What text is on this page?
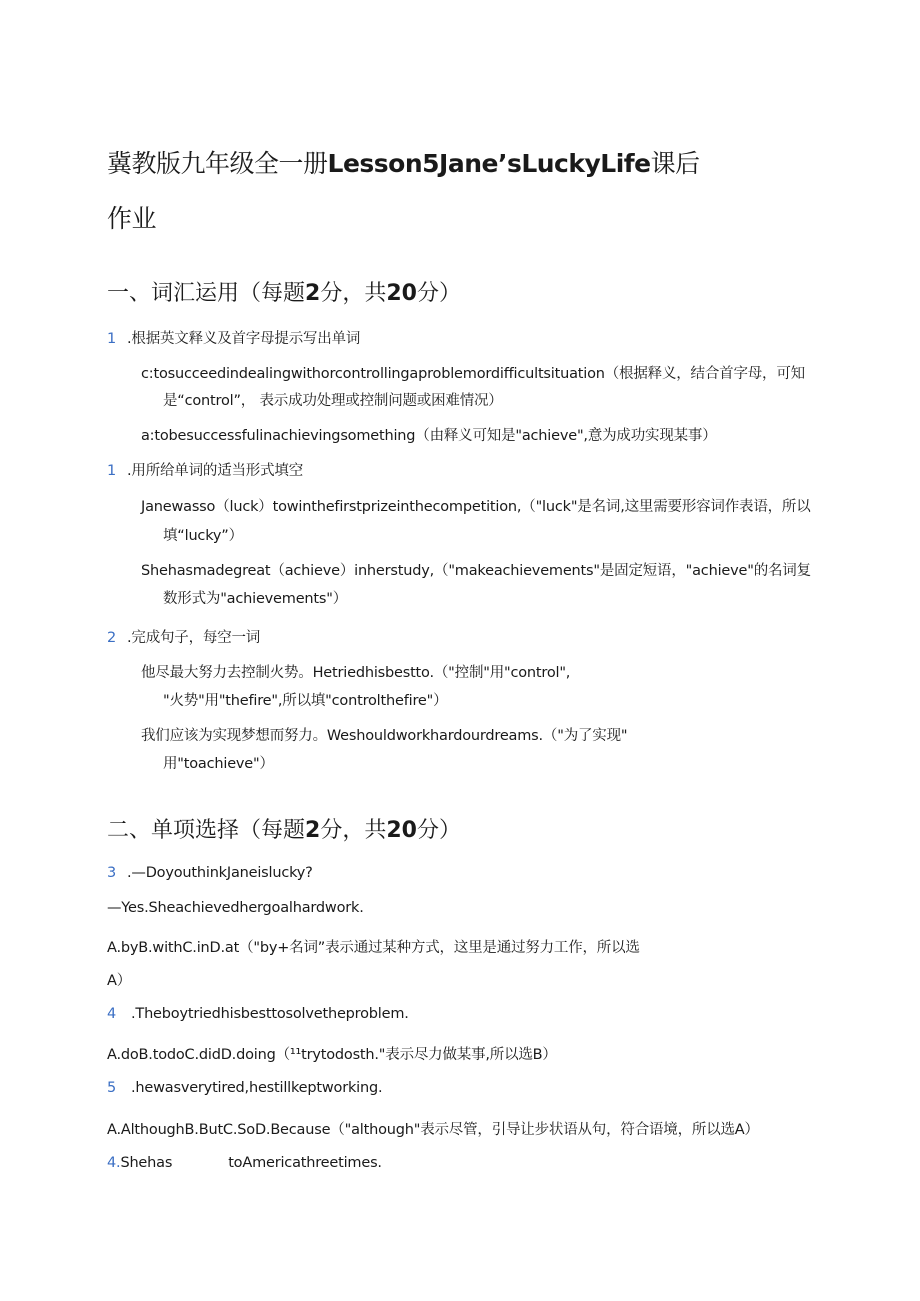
冀教版九年级全一册Lesson5Jane’sLuckyLife课后
作业
一、词汇运用（每题2分，共20分）
1 .根据英文释义及首字母提示写出单词
c:tosucceedindealingwithorcontrollingaproblemordifficultsituation（根据释义，结合首字母，可知
是“control”， 表示成功处理或控制问题或困难情况）
a:tobesuccessfulinachievingsomething（由释义可知是"achieve",意为成功实现某事）
1 .用所给单词的适当形式填空
Janewasso（luck）towinthefirstprizeinthecompetition,（"luck"是名词,这里需要形容词作表语，所以
填“lucky”）
Shehasmadegreat（achieve）inherstudy,（"makeachievements"是固定短语，"achieve"的名词复
数形式为"achievements"）
2 .完成句子，每空一词
他尽最大努力去控制火势。Hetriedhisbestto.（"控制"用"control",
"火势"用"thefire",所以填"controlthefire"）
我们应该为实现梦想而努力。Weshouldworkhardourdreams.（"为了实现"
用"toachieve"）
二、单项选择（每题2分，共20分）
3 .—DoyouthinkJaneislucky?
—Yes.Sheachievedhergoalhardwork.
A.byB.withC.inD.at（"by+名词”表示通过某种方式，这里是通过努力工作，所以选
A）
4 .Theboytriedhisbesttosolvetheproblem.
A.doB.todoC.didD.doing（¹¹trytodosth."表示尽力做某事,所以选B）
5 .hewasverytired,hestillkeptworking.
A.AlthoughB.ButC.SoD.Because（"although"表示尽管，引导让步状语从句，符合语境，所以选A）
4.Shehas	toAmericathreetimes.
